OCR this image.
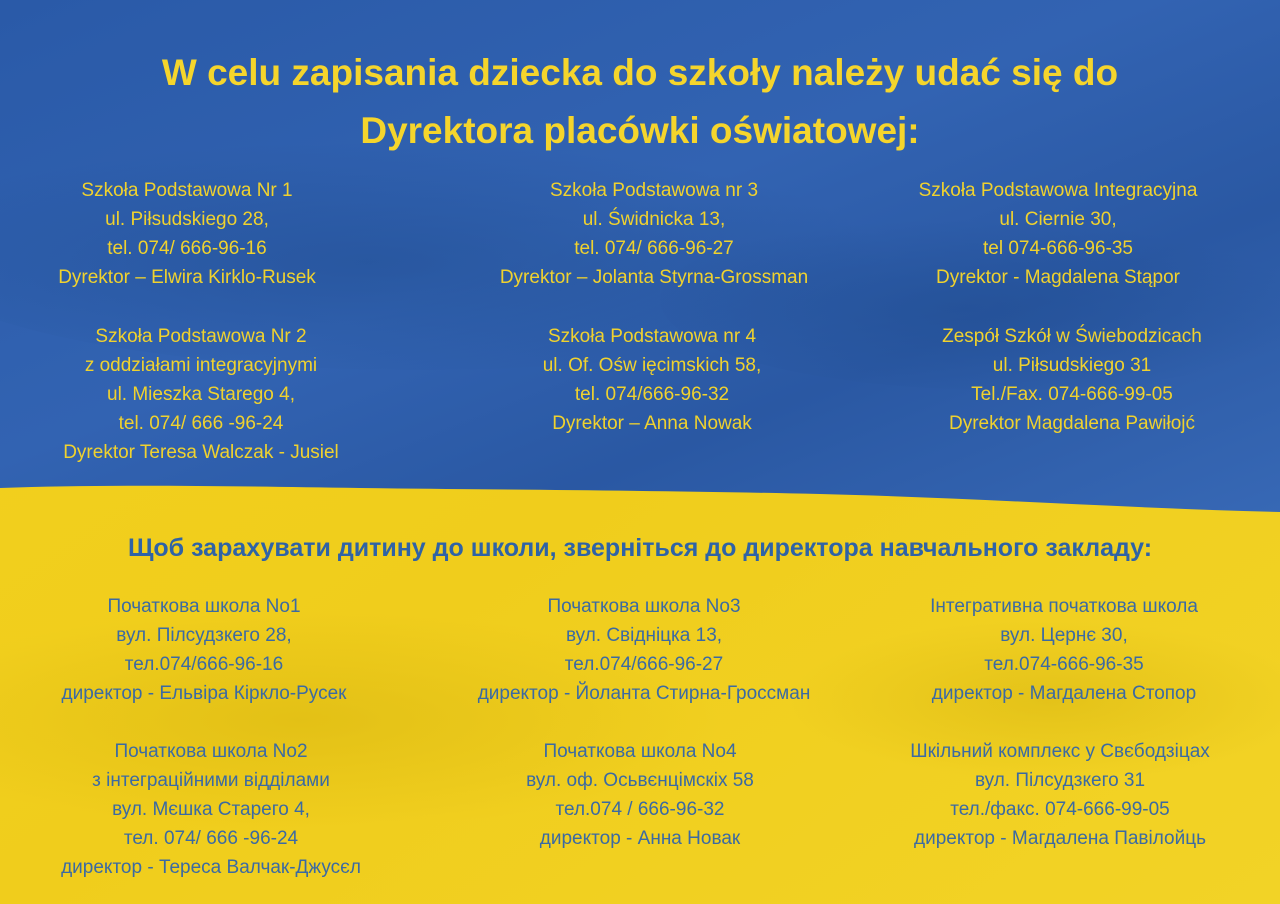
W celu zapisania dziecka do szkoły należy udać się do
Dyrektora placówki oświatowej:
Szkoła Podstawowa Nr 1
ul. Piłsudskiego 28,
tel. 074/ 666-96-16
Dyrektor – Elwira Kirklo-Rusek
Szkoła Podstawowa nr 3
ul. Świdnicka 13,
tel. 074/ 666-96-27
Dyrektor – Jolanta Styrna-Grossman
Szkoła Podstawowa Integracyjna
ul. Ciernie 30,
tel 074-666-96-35
Dyrektor - Magdalena Stąpor
Szkoła Podstawowa Nr 2
z oddziałami integracyjnymi
ul. Mieszka Starego 4,
tel. 074/ 666 -96-24
Dyrektor Teresa Walczak - Jusiel
Szkoła Podstawowa nr 4
ul. Of. Ośw ięcimskich 58,
tel. 074/666-96-32
Dyrektor – Anna Nowak
Zespół Szkół w Świebodzicach
ul. Piłsudskiego 31
Tel./Fax. 074-666-99-05
Dyrektor Magdalena Pawiłojć
Щоб зарахувати дитину до школи, зверніться до директора навчального закладу:
Початкова школа No1
вул. Пілсудзкего 28,
тел.074/666-96-16
директор - Ельвіра Кірклo-Русек
Початкова школа No3
вул. Свідніцка 13,
тел.074/666-96-27
директор - Йоланта Стирна-Гроссман
Інтегративна початкова школа
вул. Цернє 30,
тел.074-666-96-35
директор - Магдалена Стопор
Початкова школа No2
з інтеграційними відділами
вул. Мєшка Старего 4,
тел. 074/ 666 -96-24
директор - Тереса Валчак-Джусєл
Початкова школа No4
вул. оф. Осьвєнцімскіх 58
тел.074 / 666-96-32
директор - Анна Новак
Шкільний комплекс у Свєбодзіцах
вул. Пілсудзкего 31
тел./факс. 074-666-99-05
директор - Магдалена Павілойць
